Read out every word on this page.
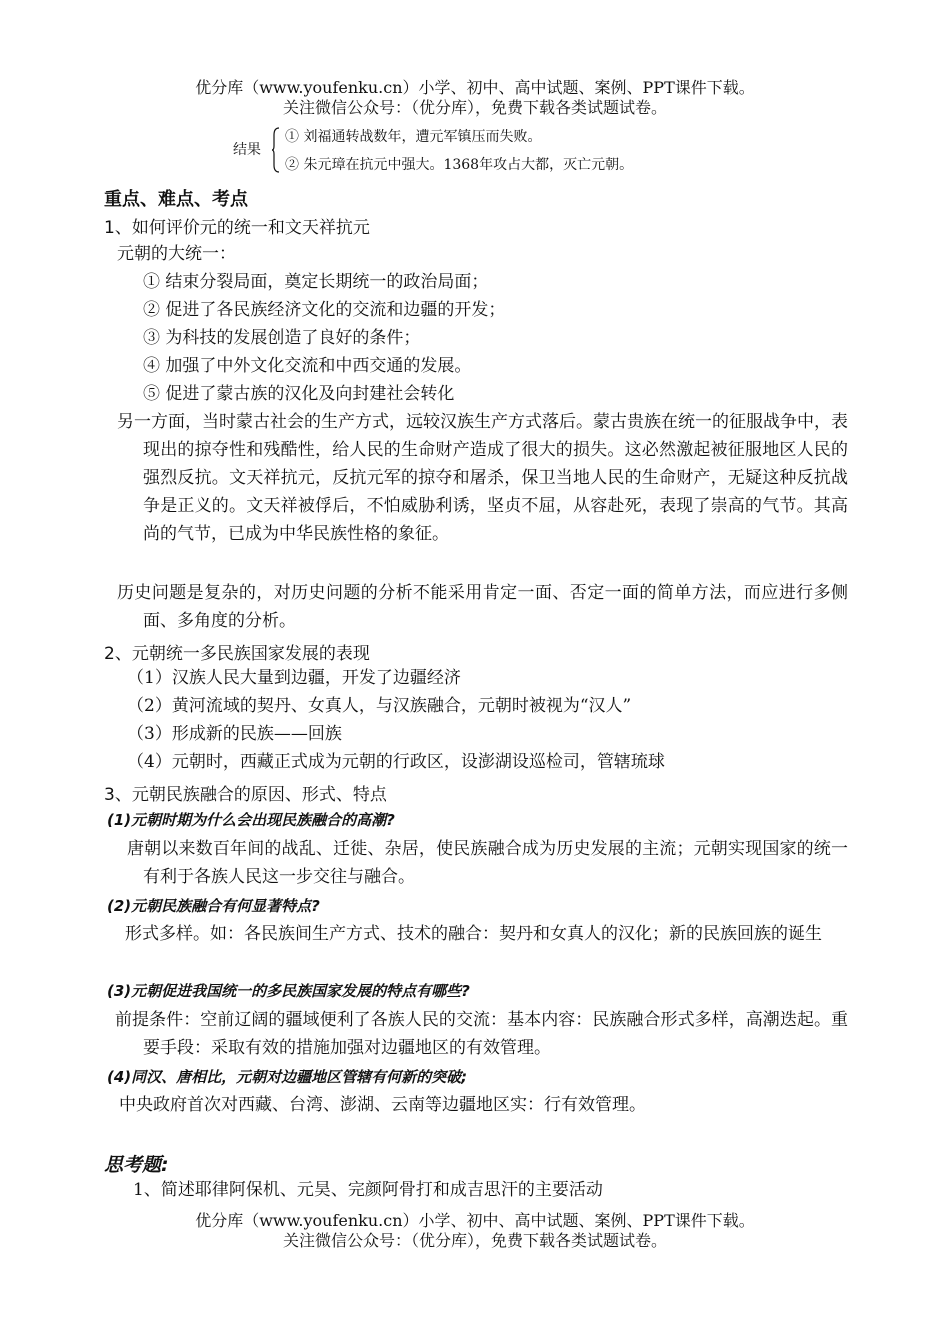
优分库（www.youfenku.cn）小学、初中、高中试题、案例、PPT课件下载。
关注微信公众号：（优分库），免费下载各类试题试卷。
结果
① 刘福通转战数年，遭元军镇压而失败。
② 朱元璋在抗元中强大。1368年攻占大都，灭亡元朝。
重点、难点、考点
1、如何评价元的统一和文天祥抗元
元朝的大统一：
① 结束分裂局面，奠定长期统一的政治局面；
② 促进了各民族经济文化的交流和边疆的开发；
③ 为科技的发展创造了良好的条件；
④ 加强了中外文化交流和中西交通的发展。
⑤ 促进了蒙古族的汉化及向封建社会转化
另一方面，当时蒙古社会的生产方式，远较汉族生产方式落后。蒙古贵族在统一的征服战争中，表现出的掠夺性和残酷性，给人民的生命财产造成了很大的损失。这必然激起被征服地区人民的强烈反抗。文天祥抗元，反抗元军的掠夺和屠杀，保卫当地人民的生命财产，无疑这种反抗战争是正义的。文天祥被俘后，不怕威胁利诱，坚贞不屈，从容赴死，表现了崇高的气节。其高尚的气节，已成为中华民族性格的象征。
历史问题是复杂的，对历史问题的分析不能采用肯定一面、否定一面的简单方法，而应进行多侧面、多角度的分析。
2、元朝统一多民族国家发展的表现
（1）汉族人民大量到边疆，开发了边疆经济
（2）黄河流域的契丹、女真人，与汉族融合，元朝时被视为“汉人”
（3）形成新的民族——回族
（4）元朝时，西藏正式成为元朝的行政区，设澎湖设巡检司，管辖琉球
3、元朝民族融合的原因、形式、特点
(1)元朝时期为什么会出现民族融合的高潮?
唐朝以来数百年间的战乱、迁徙、杂居，使民族融合成为历史发展的主流；元朝实现国家的统一有利于各族人民这一步交往与融合。
(2)元朝民族融合有何显著特点?
形式多样。如：各民族间生产方式、技术的融合：契丹和女真人的汉化；新的民族回族的诞生
(3)元朝促进我国统一的多民族国家发展的特点有哪些?
前提条件：空前辽阔的疆域便利了各族人民的交流：基本内容：民族融合形式多样，高潮迭起。重要手段：采取有效的措施加强对边疆地区的有效管理。
(4)同汉、唐相比，元朝对边疆地区管辖有何新的突破;
中央政府首次对西藏、台湾、澎湖、云南等边疆地区实：行有效管理。
思考题:
1、简述耶律阿保机、元昊、完颜阿骨打和成吉思汗的主要活动
优分库（www.youfenku.cn）小学、初中、高中试题、案例、PPT课件下载。
关注微信公众号：（优分库），免费下载各类试题试卷。
